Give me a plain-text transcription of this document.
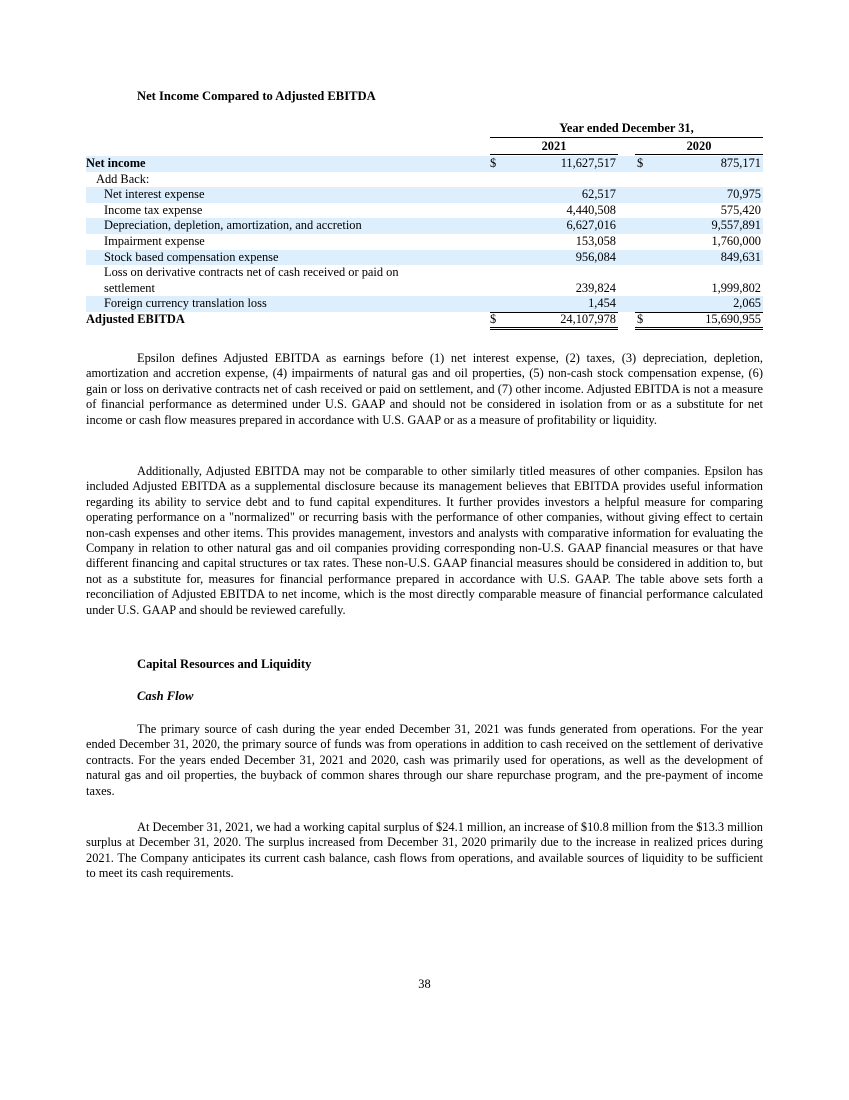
Net Income Compared to Adjusted EBITDA
Year ended December 31,
2021	2020
Net income	$	11,627,517 $	875,171
Add Back:
Net interest expense	62,517	70,975
Income tax expense	4,440,508	575,420
Depreciation, depletion, amortization, and accretion	6,627,016	9,557,891
Impairment expense	153,058	1,760,000
Stock based compensation expense	956,084	849,631
Loss on derivative contracts net of cash received or paid on
settlement	239,824	1,999,802
Foreign currency translation loss	1,454	2,065
Adjusted EBITDA	$	24,107,978 $	15,690,955

Epsilon defines Adjusted EBITDA as earnings before (1) net interest expense, (2) taxes, (3) depreciation, depletion, amortization and accretion expense, (4) impairments of natural gas and oil properties, (5) non-cash stock compensation expense, (6) gain or loss on derivative contracts net of cash received or paid on settlement, and (7) other income. Adjusted EBITDA is not a measure of financial performance as determined under U.S. GAAP and should not be considered in isolation from or as a substitute for net income or cash flow measures prepared in accordance with U.S. GAAP or as a measure of profitability or liquidity.

Additionally, Adjusted EBITDA may not be comparable to other similarly titled measures of other companies. Epsilon has included Adjusted EBITDA as a supplemental disclosure because its management believes that EBITDA provides useful information regarding its ability to service debt and to fund capital expenditures. It further provides investors a helpful measure for comparing operating performance on a "normalized" or recurring basis with the performance of other companies, without giving effect to certain non-cash expenses and other items. This provides management, investors and analysts with comparative information for evaluating the Company in relation to other natural gas and oil companies providing corresponding non-U.S. GAAP financial measures or that have different financing and capital structures or tax rates. These non-U.S. GAAP financial measures should be considered in addition to, but not as a substitute for, measures for financial performance prepared in accordance with U.S. GAAP. The table above sets forth a reconciliation of Adjusted EBITDA to net income, which is the most directly comparable measure of financial performance calculated under U.S. GAAP and should be reviewed carefully.

Capital Resources and Liquidity
Cash Flow

The primary source of cash during the year ended December 31, 2021 was funds generated from operations. For the year ended December 31, 2020, the primary source of funds was from operations in addition to cash received on the settlement of derivative contracts. For the years ended December 31, 2021 and 2020, cash was primarily used for operations, as well as the development of natural gas and oil properties, the buyback of common shares through our share repurchase program, and the pre-payment of income taxes.

At December 31, 2021, we had a working capital surplus of $24.1 million, an increase of $10.8 million from the $13.3 million surplus at December 31, 2020. The surplus increased from December 31, 2020 primarily due to the increase in realized prices during 2021. The Company anticipates its current cash balance, cash flows from operations, and available sources of liquidity to be sufficient to meet its cash requirements.

38
